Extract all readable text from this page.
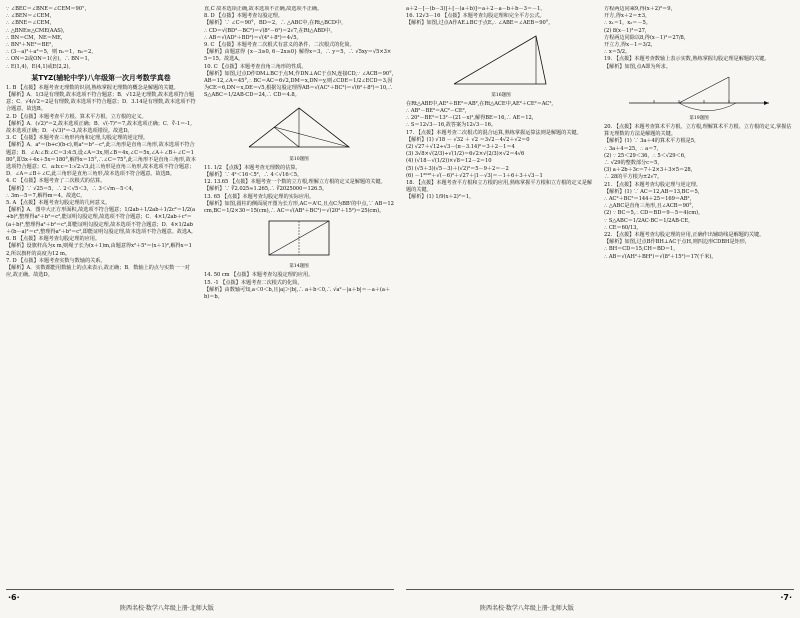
∵ ∠BEC＝∠BNE＝∠CEM＝90°，

∴ ∠BEN＝∠CEM，

∴ ∠BNE＝∠CEM，

∴ △BNE≌△CME(AAS)，

∴ BN＝CM，NE＝ME，

∴ BN²＋NE²＝BE²，

∴ (3－a)²＋a²＝5，则 n₁＝1，n₂＝2，

∴ ON＝2或ON＝1(舍)，∴ BN＝1，

∴ E(1,4)，E(4,1)或E(2,2)。

某TYZ(辅轮中学)八年级第一次月考数学真卷

1. B 【点拨】本题考查无理数的识别,熟练掌握无理数的概念是解题的关键。

【解析】A．1/3是有理数,故本选项不符合题意；B．√12是无理数,故本选项符合题意；C．√4/√2＝2是有理数,故本选项不符合题意；D．3.14是有理数,故本选项不符合题意。故选B。

2. D 【点拨】本题考查平方根、算术平方根、立方根的定义。

【解析】A．(√2)²＝2,故本选项正确；B．√(-7)²＝7,故本选项正确；C．∛-1＝-1,故本选项正确；D．-(√3)²＝-3,故本选项错误。故选D。

3. C 【点拨】本题考查三角形内角和定理,勾股定理的逆定理。

【解析】A．a²＝(b+c)(b-c),则a²＝b²－c²,此三角形是直角三角形,故本选项不符合题意；B．∠A:∠B:∠C＝3:4:5,设∠A＝3x,则∠B＝4x,∠C＝5x,∠A＋∠B＋∠C＝180°,即3x＋4x＋5x＝180°,解得x＝15°,∴∠C＝75°,此三角形不是直角三角形,故本选项符合题意；C．a:b:c＝1:√2:√3,此三角形是直角三角形,故本选项不符合题意；D．∠A＝∠B＋∠C,此三角形是直角三角形,故本选项不符合题意。故选B。

4. C 【点拨】本题考查了二次根式的估算。

【解析】∵ √25＝5，∴ 2＜√5＜3，∴ 3＜√m－5＜4，

∴ 3m－5＝7,解得m＝4。故选C。

5. A 【点拨】本题考查勾股定理的几何意义。

【解析】A．图中大正方形面积,故选项不符合题意；1/2ab＋1/2ab＋1/2c²＝1/2(a+b)²,整理得a²＋b²＝c²,能证明勾股定理,故选项不符合题意；C．4×1/2ab＋c²＝(a＋b)²,整理得a²＋b²＝c²,即能证明勾股定理,故本选项不符合题意；D．4×1/2ab＋(b－a)²＝c²,整理得a²＋b²＝c²,即能证明勾股定理,故本选项不符合题意。故选A。

6. B 【点拨】本题考查勾股定理的应用。

【解析】设旗杆高为x m,则绳子长为(x＋1)m,由题意得x²＋5²＝(x＋1)²,解得x＝12,所以旗杆的高度为12 m。

7. D 【点拨】本题考查实数与数轴的关系。

【解析】A．实数都能用数轴上的点来表示,故正确；B．数轴上的点与实数一一对应,故正确。故选D。

直,C 故本选项正确,故本选项不正确,故选项不正确。

8. D 【点拨】本题考查勾股定理。

【解析】∵ ∠C＝90°，BD＝2，∴ △ABC中,在Rt△BCD中，

∴ CD＝√(BD²－BC²)＝√(8²－6²)＝2√7,在Rt△ABD中，

∴ AB＝√(AD²＋BD²)＝√(4²＋8²)＝4√5。

9. C 【点拨】本题考查二次根式有意义的条件、二次根式的化简。

【解析】由题意得 {x－3≥0, 6－2x≥0} 解得x＝3，∴ y＝5，∴ √5xy＝√5×3×5＝15。故选A。

10. C 【点拨】本题考查直角三角形的性质。

【解析】如图,过点D作DM⊥BC于点M,作DN⊥AC于点N,连接CD,∵ ∠ACB＝90°,AB＝12,∠A＝45°,∴ BC＝AC＝6√2,DM＝x,DN＝y,则∠CDE＝1/2∠ECD＝3,因为CE＝6,DN＝x,DE＝√5,根据勾股定理得AB＝√(AC²＋BC²)＝√(6²＋8²)＝10,∴ S△ABC＝1/2AB·CD＝24,∴ CD＝4.8。

第10题图

11. 1/2 【点拨】本题考查无理数的估算。

【解析】∵ 4²＜16＜5²，∴ 4＜√16＜5。

12. 13.65 【点拨】本题考查一个数的立方根,理解立方根的定义是解题的关键。

【解析】∵ ∛2.025≈1.265,∴ ∛2025000＝126.5。

13. 65 【点拨】本题考查勾股定理的实际应用。

【解析】如图,圆柱的侧面展开图为长方形,AC＝A'C,且点C为BB'的中点,∵ AB＝12 cm,BC＝1/2×30＝15(cm),∴ AC＝√(AB²＋BC²)＝√(20²＋15²)＝25(cm)。

第14题图

14. 50 cm 【点拨】本题考查勾股定理的应用。

15. -1 【点拨】本题考查二次根式的化简。

【解析】由数轴可知,a＜0＜b,且|a|＞|b|,∴ a＋b＜0,∴ √a²－|a＋b|＝－a＋(a＋b)＝b。

·6·
陕西名校·数学八年级上册·北师大版

a＋2－[－(b－3)]＋[－(a＋b)]＝a＋2－a－b＋b－3＝－1。

16. 12√3－16 【点拨】本题考查勾股定理和完全平方公式。

【解析】如图,过点A作AE⊥BC于点E,∴ ∠ABE＝∠AEB＝90°。

第16题图

在Rt△ABE中,AE²＋BE²＝AB²,在Rt△ACE中,AE²＋CE²＝AC²,

∴ AB²－BE²＝AC²－CE²，

∴ 20²－BE²＝13²－(21－x)²,解得BE＝16,∴ AE＝12,

∴ S＝12√3－16,故答案为12√3－16。

17. 【点拨】本题考查二次根式的混合运算,熟练掌握运算法则是解题的关键。

【解析】(1) √18 － √32 ＋ √2 ＝3√2－4√2＋√2＝0

(2) √27＋√12÷√3－(π－3.14)⁰＝3＋2－1＝4

(3) 3√8×√(2/3)÷√(1/2)＝6√2×√(2/3)×√2＝4√6

(4) (√18－√(1/2))×√8＝12－2＝10

(5) (√5＋3)(√5－3)＋(√2)²＝5－9＋2＝－2

(6) －1²⁰¹⁸＋√(－6)²＋√27＋|1－√3|＝－1＋6＋3＋√3－1

18. 【点拨】本题考查平方根和立方根的应用,熟练掌握平方根和立方根的定义是解题的关键。

【解析】(1) 1/9(x＋2)²＝1，

方程两边同乘9,得(x＋2)²＝9，

开方,得x＋2＝±3，

∴ x₁＝1，x₂＝－5。

(2) 8(x－1)³＝27，

方程两边同除以8,得(x－1)³＝27/8，

开立方,得x－1＝3/2，

∴ x＝5/2。

19. 【点拨】本题考查数轴上表示实数,熟练掌握勾股定理是解题的关键。

【解析】如图,点A即为所求。

第19题图

20. 【点拨】本题考查算术平方根、立方根,理解算术平方根、立方根的定义,掌握估算无理数的方法是解题的关键。

【解析】(1) ∵ 3a＋4的算术平方根是5，

∴ 3a＋4＝25，∴ a＝7，

(2) ∵ 25＜29＜36，∴ 5＜√29＜6，

∴ √29的整数部分c＝5，

(3) a＋2b＋3c＝7＋2×3＋3×5＝28，

∴ 28的平方根为±2√7。

21. 【点拨】本题考查勾股定理与逆定理。

【解析】(1) ∵ AC＝12,AB＝13,BC＝5，

∴ AC²＋BC²＝144＋25＝169＝AB²，

∴ △ABC是直角三角形,且∠ACB＝90°，

(2) ∵ BC＝5,∴ CD＝BD＝9－5＝4(cm)，

∵ S△ABC＝1/2AC·BC＝1/2AB·CE，

∴ CE＝60/13。

22. 【点拨】本题考查勾股定理的应用,正确作出辅助线是解题的关键。

【解析】如图,过点B作BH⊥AC于点H,则四边形CDBH是矩形，

∴ BH＝CD＝15,CH＝BD＝1，

∴ AB＝√(AH²＋BH²)＝√(8²＋15²)＝17(千米)。

陕西名校·数学八年级上册·北师大版
·7·
